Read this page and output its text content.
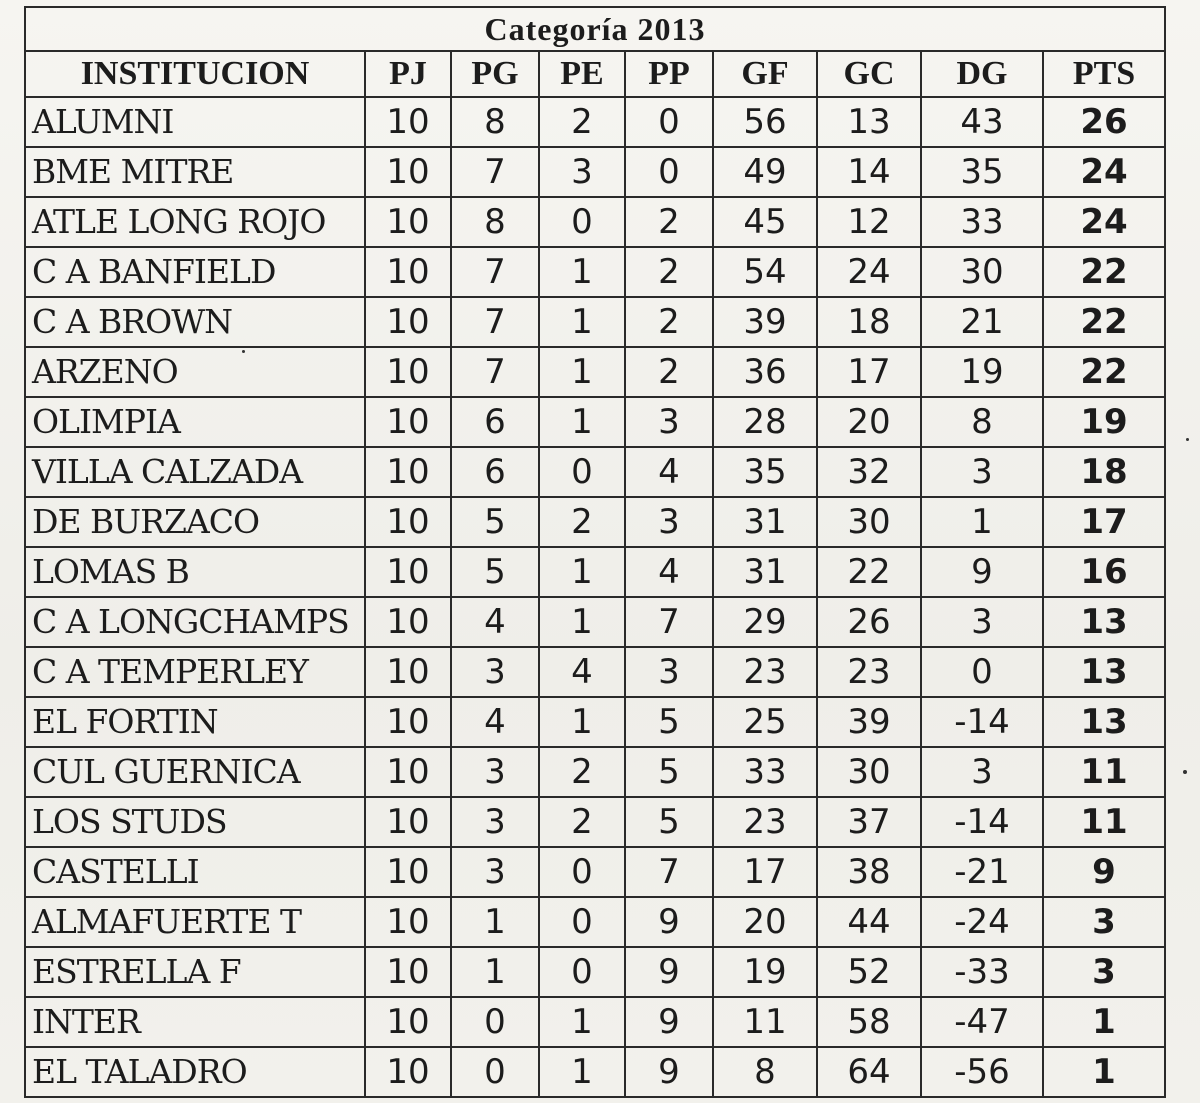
Categoría 2013								
INSTITUCION	PJ	PG	PE	PP	GF	GC	DG	PTS
ALUMNI	10	8	2	0	56	13	43	26
BME MITRE	10	7	3	0	49	14	35	24
ATLE LONG ROJO	10	8	0	2	45	12	33	24
C A BANFIELD	10	7	1	2	54	24	30	22
C A BROWN	10	7	1	2	39	18	21	22
ARZENO	10	7	1	2	36	17	19	22
OLIMPIA	10	6	1	3	28	20	8	19
VILLA CALZADA	10	6	0	4	35	32	3	18
DE BURZACO	10	5	2	3	31	30	1	17
LOMAS B	10	5	1	4	31	22	9	16
C A LONGCHAMPS	10	4	1	7	29	26	3	13
C A TEMPERLEY	10	3	4	3	23	23	0	13
EL FORTIN	10	4	1	5	25	39	-14	13
CUL GUERNICA	10	3	2	5	33	30	3	11
LOS STUDS	10	3	2	5	23	37	-14	11
CASTELLI	10	3	0	7	17	38	-21	9
ALMAFUERTE T	10	1	0	9	20	44	-24	3
ESTRELLA F	10	1	0	9	19	52	-33	3
INTER	10	0	1	9	11	58	-47	1
EL TALADRO	10	0	1	9	8	64	-56	1
